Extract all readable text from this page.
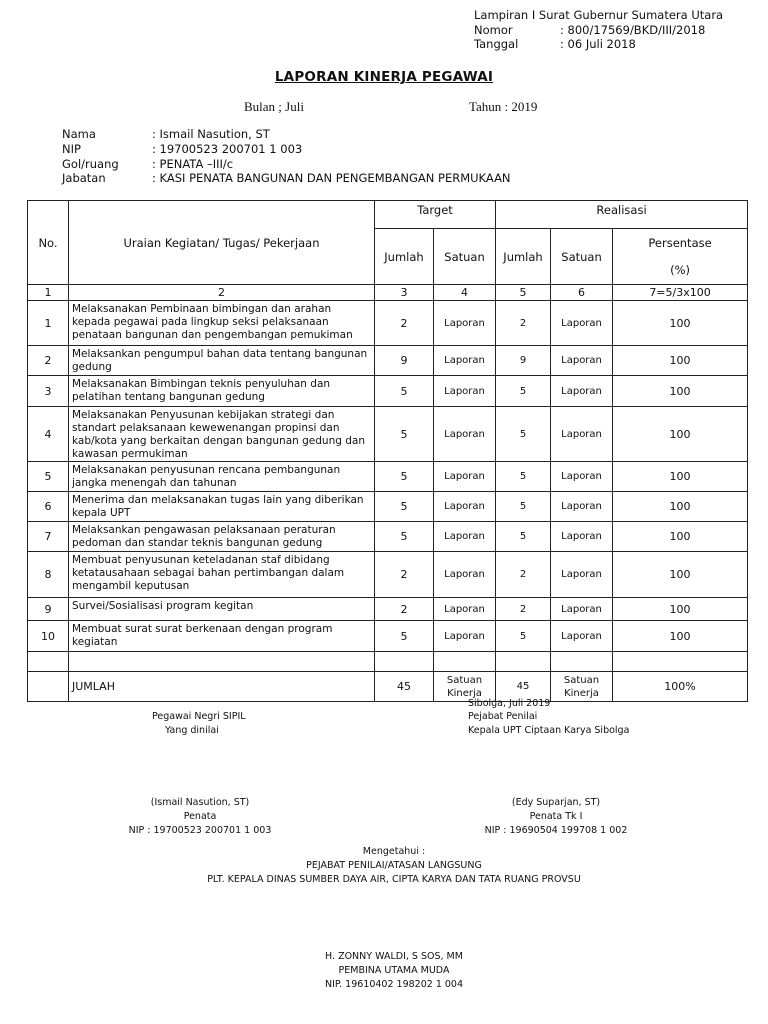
Lampiran I Surat Gubernur Sumatera Utara
Nomor	: 800/17569/BKD/III/2018
Tanggal	: 06 Juli 2018
LAPORAN KINERJA PEGAWAI
Bulan ; Juli	Tahun : 2019
Nama	: Ismail Nasution, ST
NIP	: 19700523 200701 1 003
Gol/ruang	: PENATA –III/c
Jabatan	: KASI PENATA BANGUNAN DAN PENGEMBANGAN PERMUKAAN
No.	Uraian Kegiatan/ Tugas/ Pekerjaan	Target		Realisasi		
		Jumlah	Satuan	Jumlah	Satuan	Persentase
(%)

1	2	3	4	5	6	7=5/3x100
1	Melaksanakan Pembinaan bimbingan dan arahan kepada pegawai pada lingkup seksi pelaksanaan penataan bangunan dan pengembangan pemukiman	2	Laporan	2	Laporan	100
2	Melaksankan pengumpul bahan data tentang bangunan gedung	9	Laporan	9	Laporan	100
3	Melaksanakan Bimbingan teknis penyuluhan dan pelatihan tentang bangunan gedung	5	Laporan	5	Laporan	100
4	Melaksanakan Penyusunan kebijakan strategi dan standart pelaksanaan kewewenangan propinsi dan kab/kota yang berkaitan dengan bangunan gedung dan kawasan permukiman	5	Laporan	5	Laporan	100
5	Melaksanakan penyusunan rencana pembangunan jangka menengah dan tahunan	5	Laporan	5	Laporan	100
6	Menerima dan melaksanakan tugas lain yang diberikan kepala UPT	5	Laporan	5	Laporan	100
7	Melaksankan pengawasan pelaksanaan peraturan pedoman dan standar teknis bangunan gedung	5	Laporan	5	Laporan	100
8	Membuat penyusunan keteladanan staf dibidang ketatausahaan sebagai bahan pertimbangan dalam mengambil keputusan	2	Laporan	2	Laporan	100
9	Survei/Sosialisasi program kegitan	2	Laporan	2	Laporan	100
10	Membuat surat surat berkenaan dengan program kegiatan	5	Laporan	5	Laporan	100

	JUMLAH	45	Satuan Kinerja	45	Satuan Kinerja	100%
Sibolga, Juli 2019
Pegawai Negri SIPIL
Yang dinilai
Pejabat Penilai
Kepala UPT Ciptaan Karya Sibolga
(Ismail Nasution, ST)
Penata
NIP : 19700523 200701 1 003
(Edy Suparjan, ST)
Penata Tk I
NIP : 19690504 199708 1 002
Mengetahui :
PEJABAT PENILAI/ATASAN LANGSUNG
PLT. KEPALA DINAS SUMBER DAYA AIR, CIPTA KARYA DAN TATA RUANG PROVSU
H. ZONNY WALDI, S SOS, MM
PEMBINA UTAMA MUDA
NIP. 19610402 198202 1 004
